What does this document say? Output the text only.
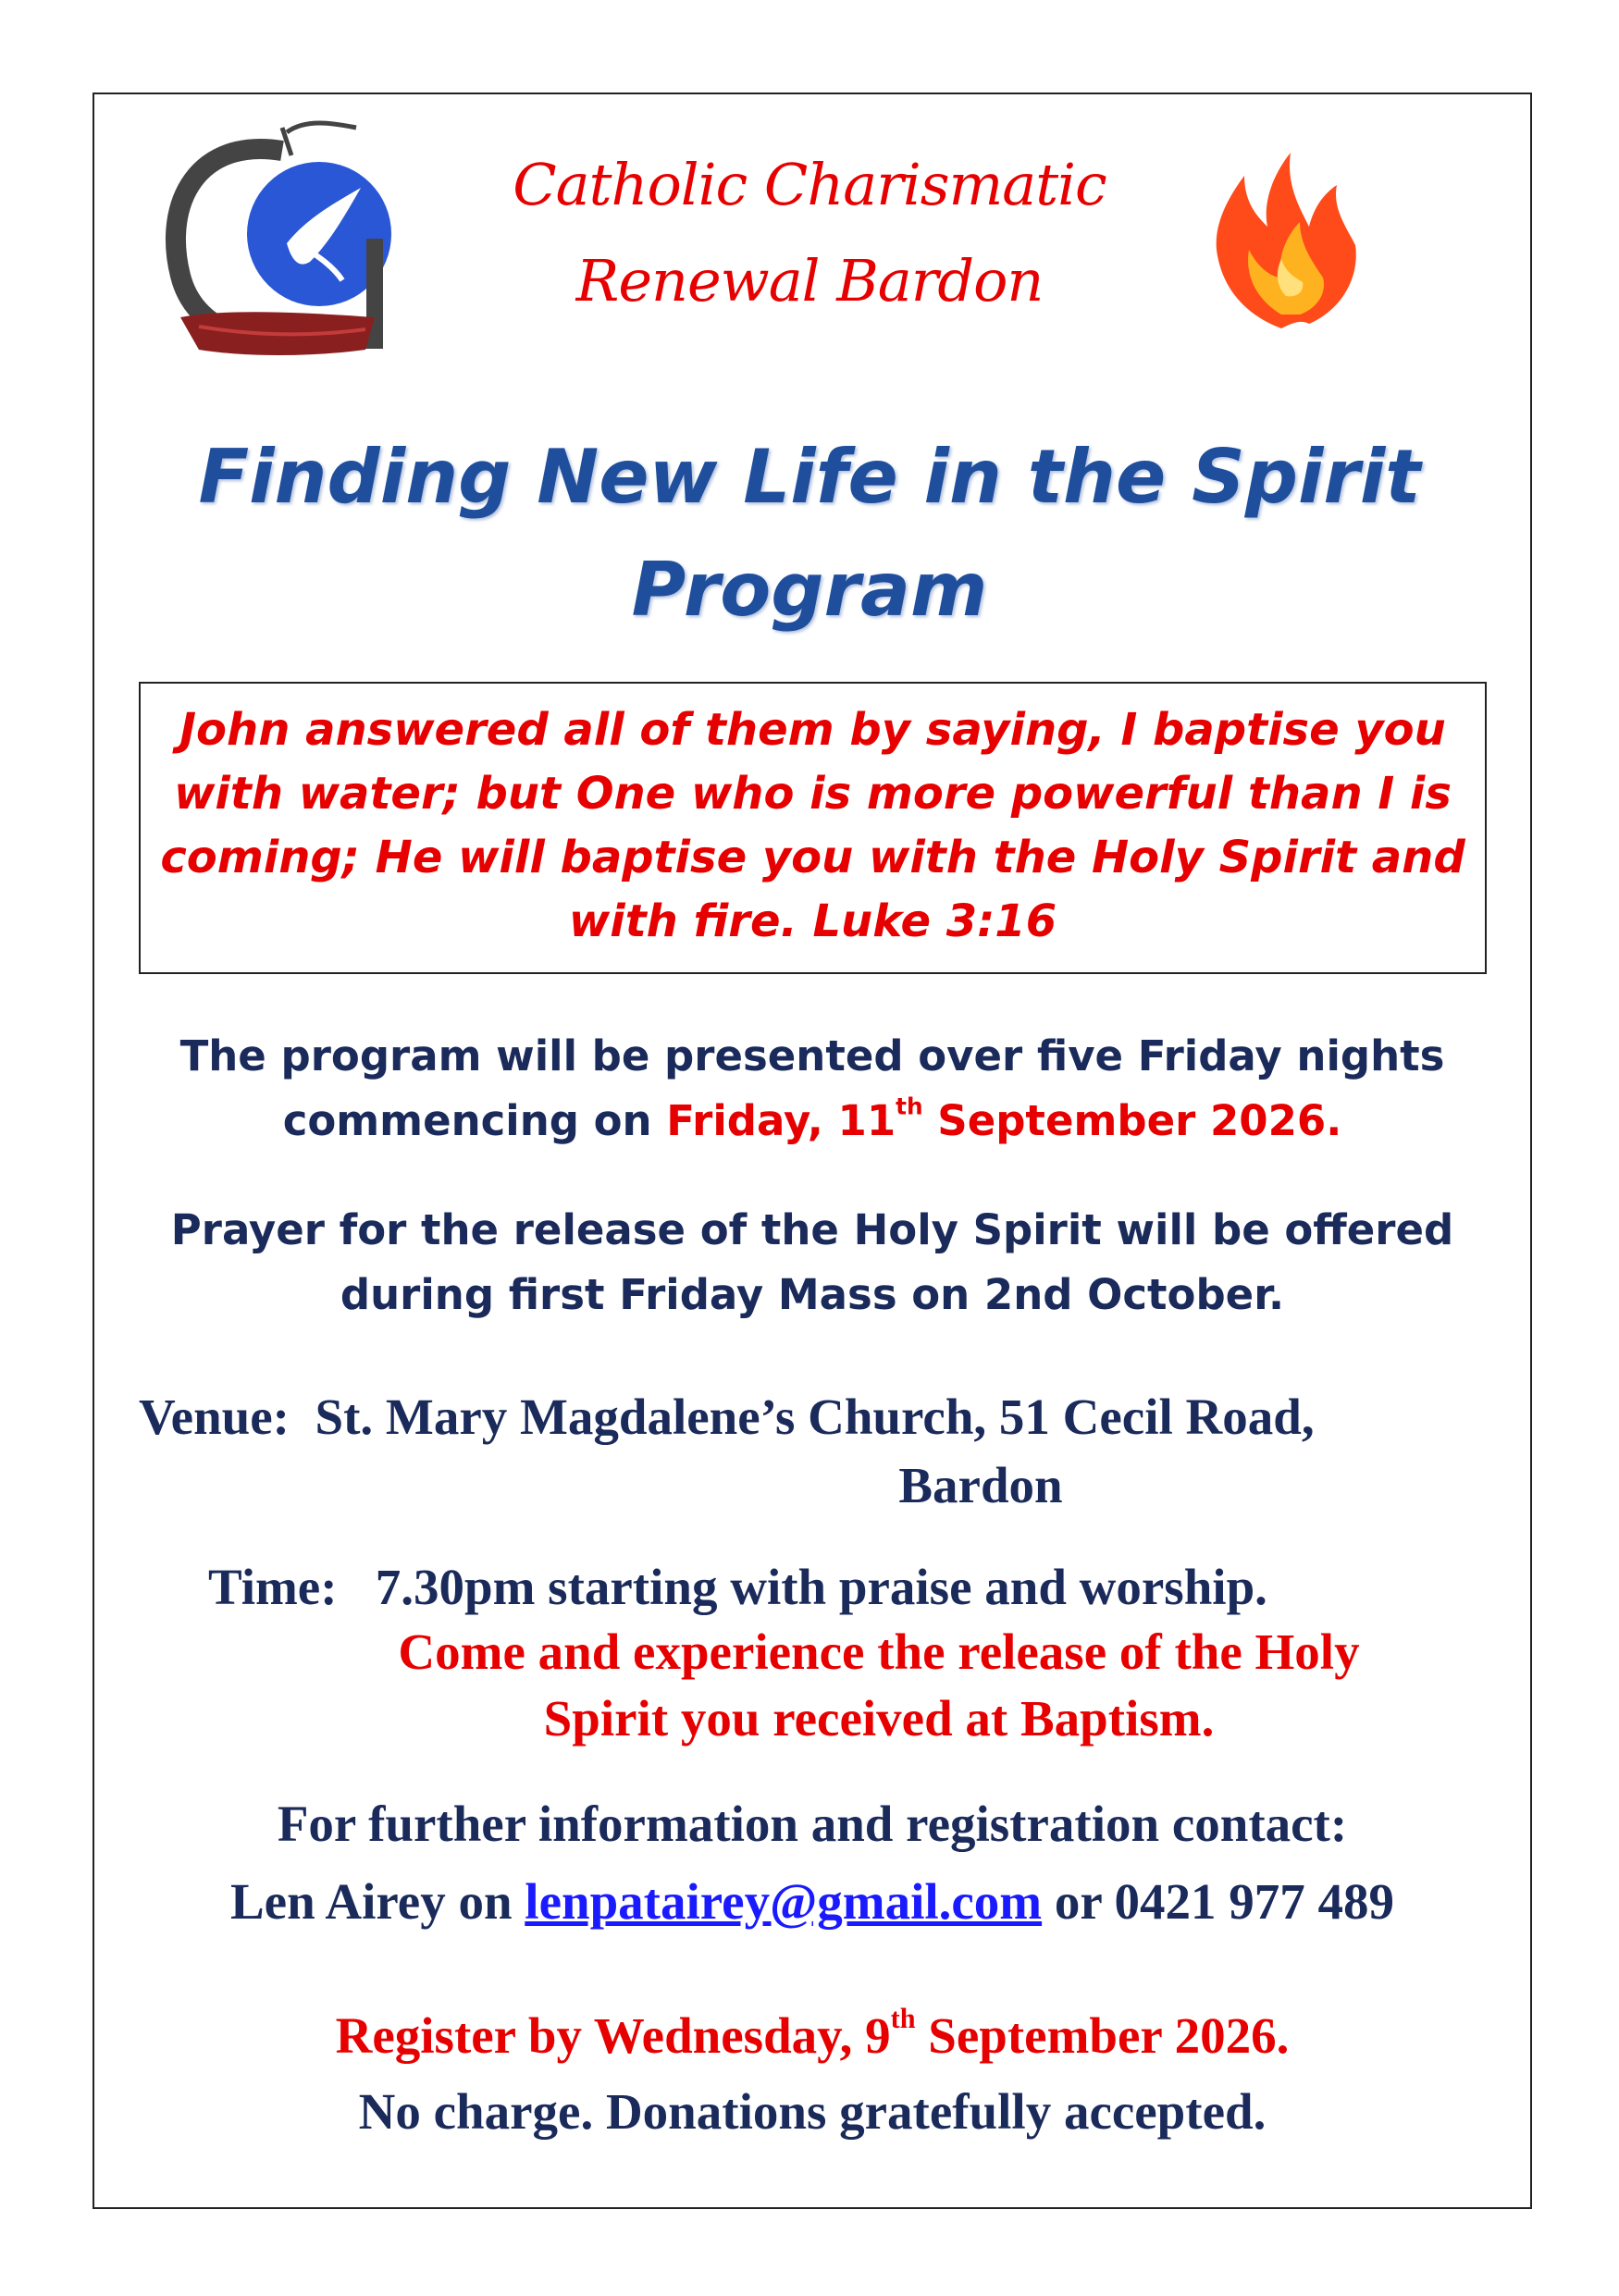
Catholic Charismatic
Renewal Bardon
Finding New Life in the Spirit
Program
John answered all of them by saying, I baptise you
with water; but One who is more powerful than I is
coming; He will baptise you with the Holy Spirit and
with fire. Luke 3:16
The program will be presented over five Friday nights
commencing on Friday, 11th September 2026.
Prayer for the release of the Holy Spirit will be offered
during first Friday Mass on 2nd October.
Venue: St. Mary Magdalene’s Church, 51 Cecil Road,
Bardon
Time: 7.30pm starting with praise and worship.
Come and experience the release of the Holy
Spirit you received at Baptism.
For further information and registration contact:
Len Airey on lenpatairey@gmail.com or 0421 977 489
Register by Wednesday, 9th September 2026.
No charge. Donations gratefully accepted.
